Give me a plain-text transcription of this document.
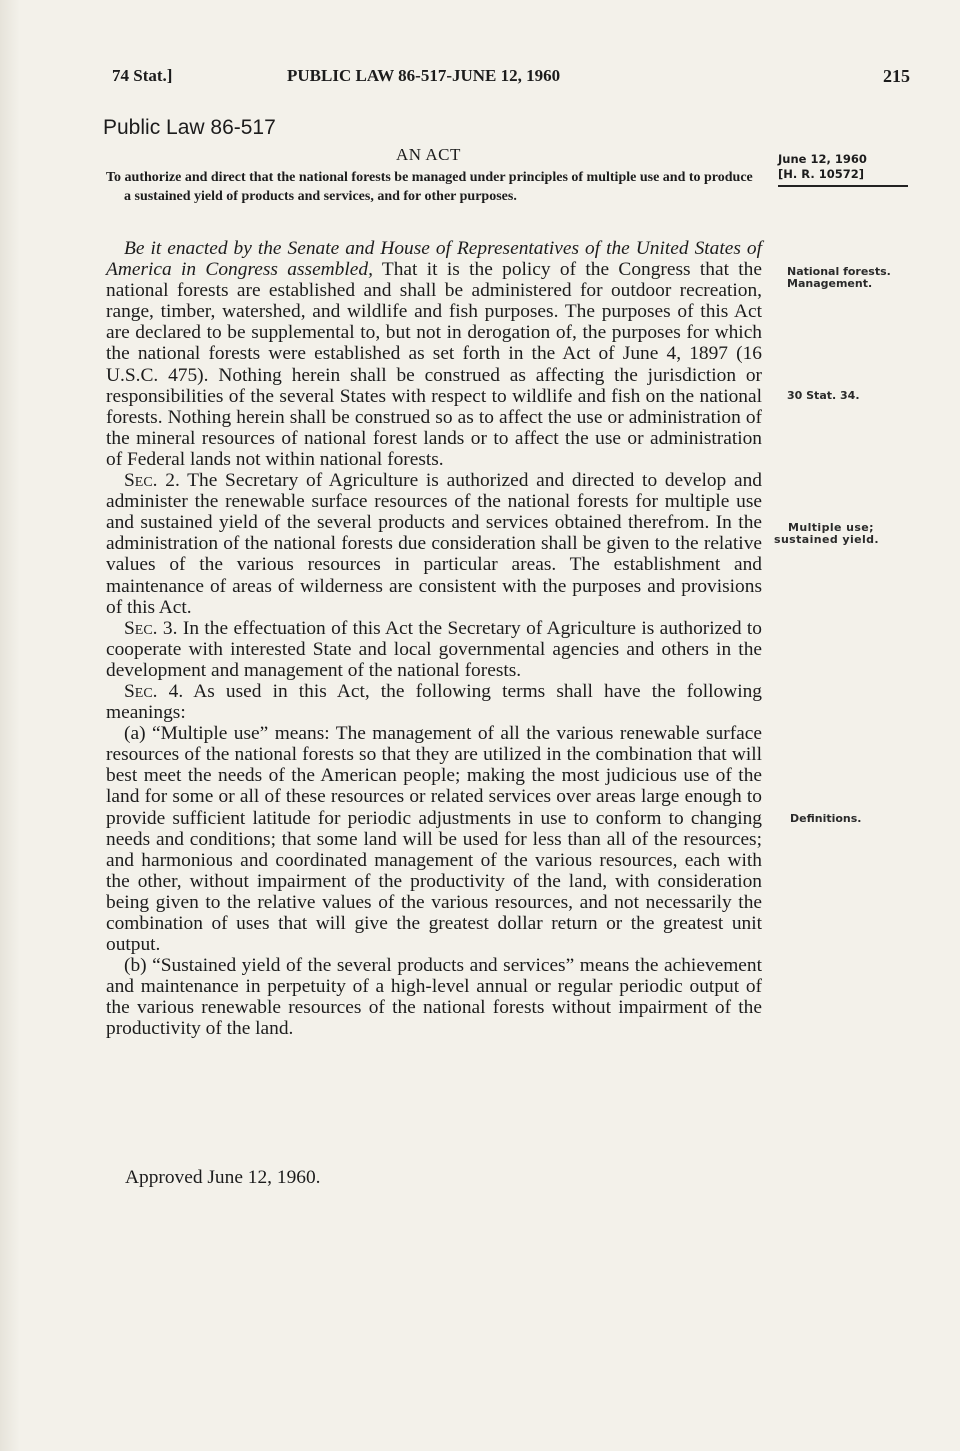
74 Stat.]	PUBLIC LAW 86-517-JUNE 12, 1960	215
Public Law 86-517
AN ACT
To authorize and direct that the national forests be managed under principles of multiple use and to produce a sustained yield of products and services, and for other purposes.
June 12, 1960
[H. R. 10572]
National forests.
Management.
30 Stat. 34.
Multiple use;
sustained yield.
Definitions.

Be it enacted by the Senate and House of Representatives of the United States of America in Congress assembled, That it is the policy of the Congress that the national forests are established and shall be administered for outdoor recreation, range, timber, watershed, and wildlife and fish purposes. The purposes of this Act are declared to be supplemental to, but not in derogation of, the purposes for which the national forests were established as set forth in the Act of June 4, 1897 (16 U.S.C. 475). Nothing herein shall be construed as affecting the jurisdiction or responsibilities of the several States with respect to wildlife and fish on the national forests. Nothing herein shall be construed so as to affect the use or administration of the mineral resources of national forest lands or to affect the use or administration of Federal lands not within national forests.

Sec. 2. The Secretary of Agriculture is authorized and directed to develop and administer the renewable surface resources of the national forests for multiple use and sustained yield of the several products and services obtained therefrom. In the administration of the national forests due consideration shall be given to the relative values of the various resources in particular areas. The establishment and maintenance of areas of wilderness are consistent with the purposes and provisions of this Act.

Sec. 3. In the effectuation of this Act the Secretary of Agriculture is authorized to cooperate with interested State and local governmental agencies and others in the development and management of the national forests.

Sec. 4. As used in this Act, the following terms shall have the following meanings:

(a) “Multiple use” means: The management of all the various renewable surface resources of the national forests so that they are utilized in the combination that will best meet the needs of the American people; making the most judicious use of the land for some or all of these resources or related services over areas large enough to provide sufficient latitude for periodic adjustments in use to conform to changing needs and conditions; that some land will be used for less than all of the resources; and harmonious and coordinated management of the various resources, each with the other, without impairment of the productivity of the land, with consideration being given to the relative values of the various resources, and not necessarily the combination of uses that will give the greatest dollar return or the greatest unit output.

(b) “Sustained yield of the several products and services” means the achievement and maintenance in perpetuity of a high-level annual or regular periodic output of the various renewable resources of the national forests without impairment of the productivity of the land.

Approved June 12, 1960.
